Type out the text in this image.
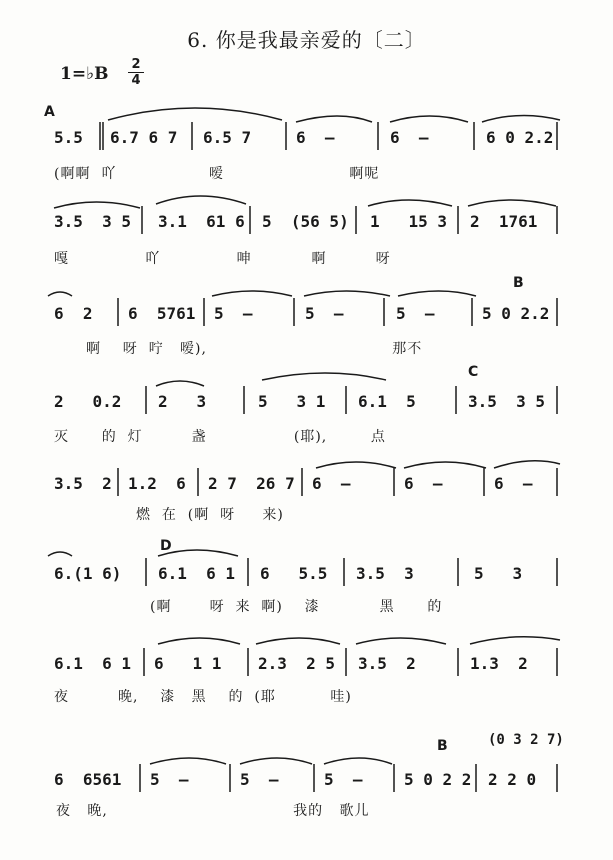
6. 你是我最亲爱的〔二〕
1=♭B 2
4
A
B
C
D
B
5.5 6.7 6 7 6.5 7	6  –	6  –	6 0 2.2
(啊啊  吖                 嗳                       啊呢
3.5  3 5 3.1  61 6 5  (56 5) 1   15 3 2  1761
嘎              吖              呻           啊         呀
6  2 6  5761 5  –	5  –	5  –	5 0 2.2
啊    呀  咛   嗳),                                  那不
2   0.2 2   3	5   3 1 6.1  5	3.5  3 5
灭      的  灯         盏                (耶),        点
3.5  2 1.2  6 2 7  26 7 6  –	6  –	6  –
燃  在  (啊  呀     来)
6.(1 6) 6.1  6 1 6   5.5 3.5  3	5   3
(啊       呀  来  啊)    漆           黑      的
6.1  6 1 6   1 1 2.3  2 5 3.5  2	1.3  2
夜         晚,    漆   黑    的  (耶          哇)
(0 3 2 7)
6  6561 5  –	5  –	5  –	5 0 2 2 2 2 0
夜   晚,                                  我的   歌儿
